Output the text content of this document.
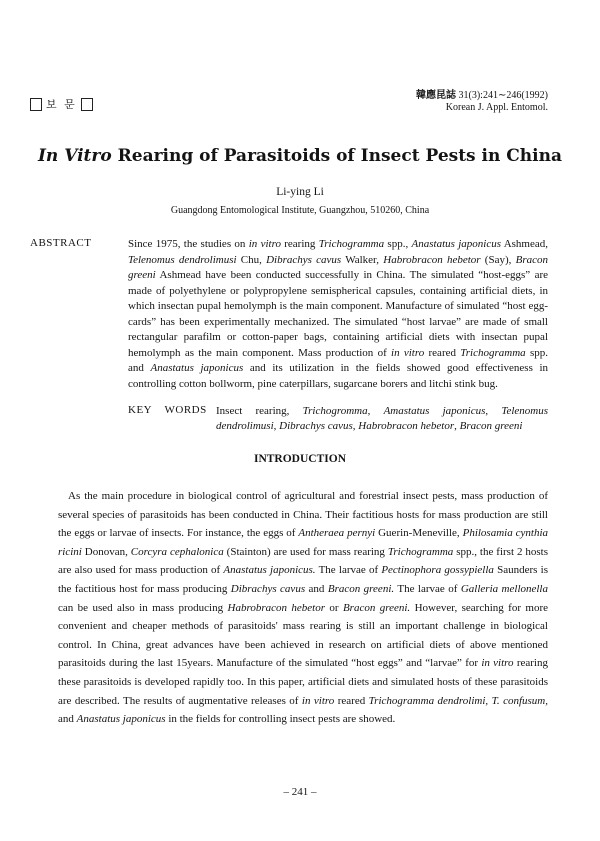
보 문
韓應昆誌 31(3):241∼246(1992)
Korean J. Appl. Entomol.
In Vitro Rearing of Parasitoids of Insect Pests in China
Li-ying Li
Guangdong Entomological Institute, Guangzhou, 510260, China
ABSTRACT	Since 1975, the studies on in vitro rearing Trichogramma spp., Anastatus japonicus Ashmead, Telenomus dendrolimusi Chu, Dibrachys cavus Walker, Habrobracon hebetor (Say), Bracon greeni Ashmead have been conducted successfully in China. The simulated “host-eggs” are made of polyethylene or polypropylene semispherical capsules, containing artificial diets, in which insectan pupal hemolymph is the main component. Manufacture of simulated “host egg-cards” has been experimentally mechanized. The simulated “host larvae” are made of small rectangular parafilm or cotton-paper bags, containing artificial diets with insectan pupal hemolymph as the main component. Mass production of in vitro reared Trichogramma spp. and Anastatus japonicus and its utilization in the fields showed good effectiveness in controlling cotton bollworm, pine caterpillars, sugarcane borers and litchi stink bug.
KEY    WORDS Insect rearing, Trichogromma, Amastatus japonicus, Telenomus dendrolimusi, Dibrachys cavus, Habrobracon hebetor, Bracon greeni
INTRODUCTION
As the main procedure in biological control of agricultural and forestrial insect pests, mass production of several species of parasitoids has been conducted in China. Their factitious hosts for mass production are still the eggs or larvae of insects. For instance, the eggs of Antheraea pernyi Guerin-Meneville, Philosamia cynthia ricini Donovan, Corcyra cephalonica (Stainton) are used for mass rearing Trichogramma spp., the first 2 hosts are also used for mass production of Anastatus japonicus. The larvae of Pectinophora gossypiella Saunders is the factitious host for mass producing Dibrachys cavus and Bracon greeni. The larvae of Galleria mellonella can be used also in mass producing Habrobracon hebetor or Bracon greeni. However, searching for more convenient and cheaper methods of parasitoids' mass rearing is still an important challenge in biological control. In China, great advances have been achieved in research on artificial diets of above mentioned parasitoids during the last 15years. Manufacture of the simulated “host eggs” and “larvae” for in vitro rearing these parasitoids is developed rapidly too. In this paper, artificial diets and simulated hosts of these parasitoids are described. The results of augmentative releases of in vitro reared Trichogramma dendrolimi, T. confusum, and Anastatus japonicus in the fields for controlling insect pests are showed.
– 241 –
